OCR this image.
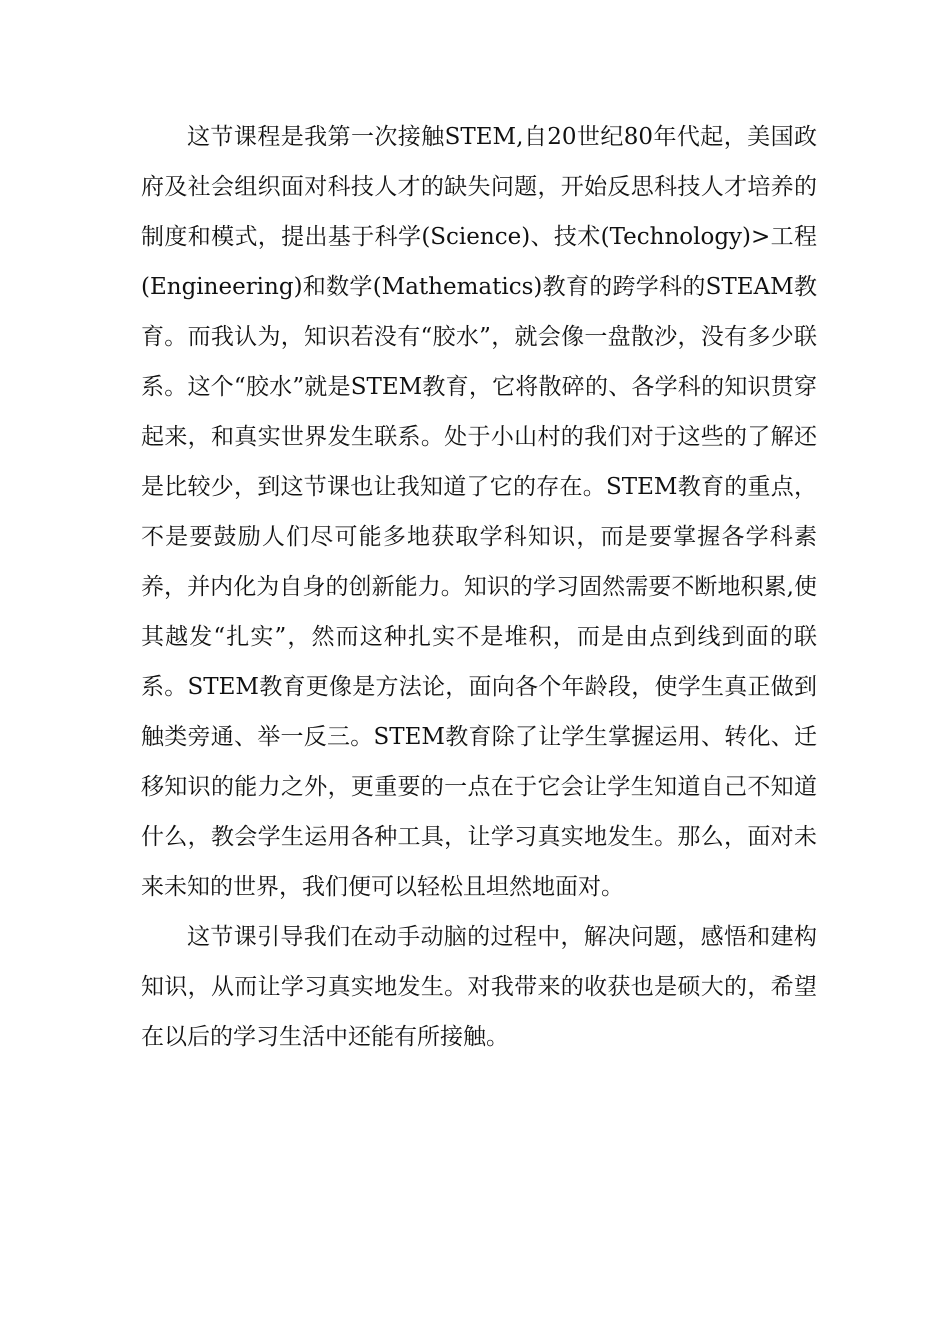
这节课程是我第一次接触STEM,自20世纪80年代起，美国政府及社会组织面对科技人才的缺失问题，开始反思科技人才培养的制度和模式，提出基于科学(Science)、技术(Technology)>工程(Engineering)和数学(Mathematics)教育的跨学科的STEAM教育。而我认为，知识若没有“胶水”，就会像一盘散沙，没有多少联系。这个“胶水”就是STEM教育，它将散碎的、各学科的知识贯穿起来，和真实世界发生联系。处于小山村的我们对于这些的了解还是比较少，到这节课也让我知道了它的存在。STEM教育的重点，不是要鼓励人们尽可能多地获取学科知识，而是要掌握各学科素养，并内化为自身的创新能力。知识的学习固然需要不断地积累,使其越发“扎实”，然而这种扎实不是堆积，而是由点到线到面的联系。STEM教育更像是方法论，面向各个年龄段，使学生真正做到触类旁通、举一反三。STEM教育除了让学生掌握运用、转化、迁移知识的能力之外，更重要的一点在于它会让学生知道自己不知道什么，教会学生运用各种工具，让学习真实地发生。那么，面对未来未知的世界，我们便可以轻松且坦然地面对。

这节课引导我们在动手动脑的过程中，解决问题，感悟和建构知识，从而让学习真实地发生。对我带来的收获也是硕大的，希望在以后的学习生活中还能有所接触。
